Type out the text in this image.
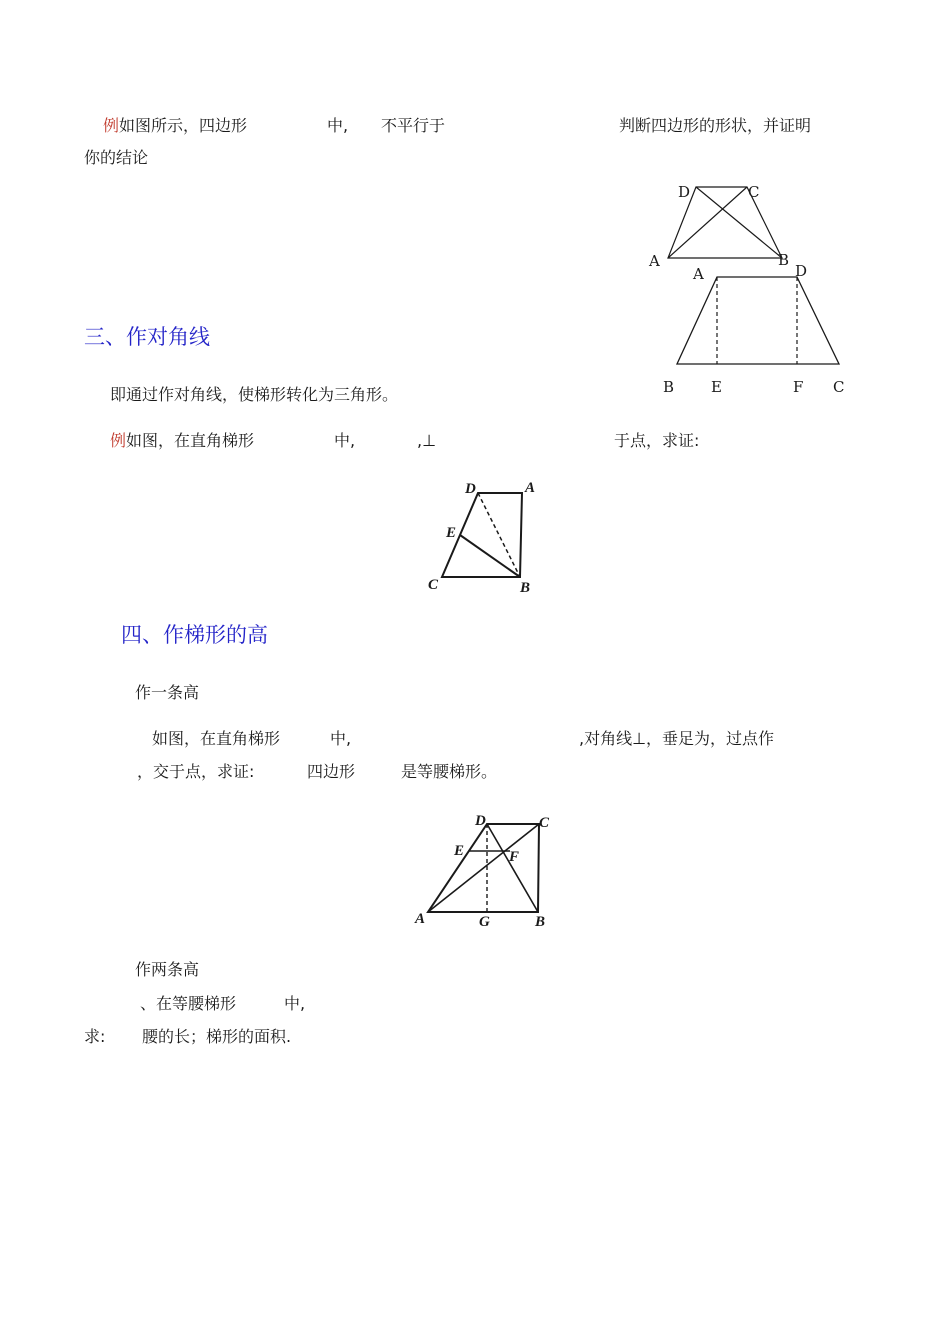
例 如图所示，四边形	中, 不平行于	判断四边形的形状，并证明
你的结论
D	C
A	B
A	D
B E	F C
三、作对角线
即通过作对角线，使梯形转化为三角形。
例 如图，在直角梯形	中,	,⊥	于点，求证:
D	A
E
C	B
四、作梯形的高
作一条高
如图，在直角梯形	中,	,对角线⊥，垂足为，过点作
，交于点，求证:	四边形	是等腰梯形。
D	C
E	F
A	G	B
作两条高
、在等腰梯形	中,
求: 腰的长；梯形的面积.
